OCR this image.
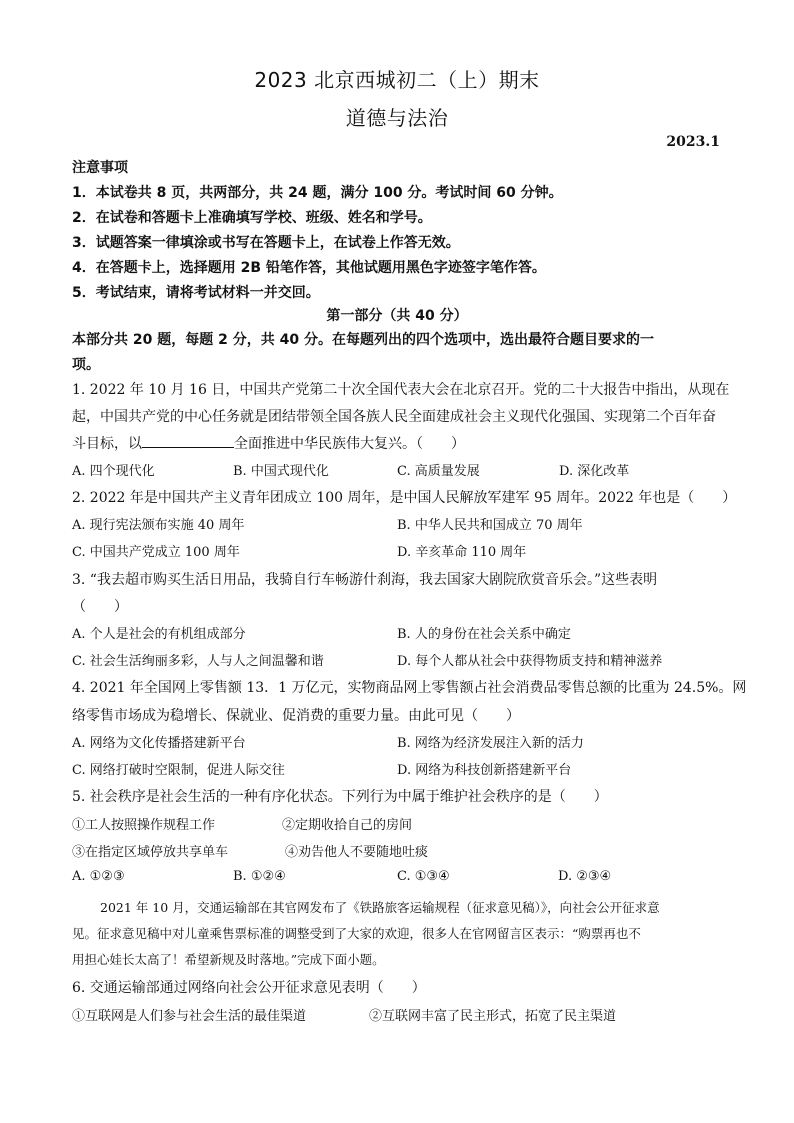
2023 北京西城初二（上）期末
道德与法治
2023.1
注意事项
1．本试卷共 8 页，共两部分，共 24 题，满分 100 分。考试时间 60 分钟。
2．在试卷和答题卡上准确填写学校、班级、姓名和学号。
3．试题答案一律填涂或书写在答题卡上，在试卷上作答无效。
4．在答题卡上，选择题用 2B 铅笔作答，其他试题用黑色字迹签字笔作答。
5．考试结束，请将考试材料一并交回。
第一部分（共 40 分）
本部分共 20 题，每题 2 分，共 40 分。在每题列出的四个选项中，选出最符合题目要求的一
项。
1. 2022 年 10 月 16 日，中国共产党第二十次全国代表大会在北京召开。党的二十大报告中指出，从现在
起，中国共产党的中心任务就是团结带领全国各族人民全面建成社会主义现代化强国、实现第二个百年奋
斗目标，以	全面推进中华民族伟大复兴。（　　）
A. 四个现代化	B. 中国式现代化	C. 高质量发展	D. 深化改革
2. 2022 年是中国共产主义青年团成立 100 周年，是中国人民解放军建军 95 周年。2022 年也是（　　）
A. 现行宪法颁布实施 40 周年	B. 中华人民共和国成立 70 周年
C. 中国共产党成立 100 周年	D. 辛亥革命 110 周年
3. “我去超市购买生活日用品，我骑自行车畅游什刹海，我去国家大剧院欣赏音乐会。”这些表明
（　　）
A. 个人是社会的有机组成部分	B. 人的身份在社会关系中确定
C. 社会生活绚丽多彩，人与人之间温馨和谐	D. 每个人都从社会中获得物质支持和精神滋养
4. 2021 年全国网上零售额 13．1 万亿元，实物商品网上零售额占社会消费品零售总额的比重为 24.5%。网
络零售市场成为稳增长、保就业、促消费的重要力量。由此可见（　　）
A. 网络为文化传播搭建新平台	B. 网络为经济发展注入新的活力
C. 网络打破时空限制，促进人际交往	D. 网络为科技创新搭建新平台
5. 社会秩序是社会生活的一种有序化状态。下列行为中属于维护社会秩序的是（　　）
①工人按照操作规程工作	②定期收拾自己的房间
③在指定区域停放共享单车	④劝告他人不要随地吐痰
A. ①②③	B. ①②④	C. ①③④	D. ②③④
2021 年 10 月，交通运输部在其官网发布了《铁路旅客运输规程（征求意见稿）》，向社会公开征求意
见。征求意见稿中对儿童乘售票标准的调整受到了大家的欢迎，很多人在官网留言区表示：“购票再也不
用担心娃长太高了！希望新规及时落地。”完成下面小题。
6. 交通运输部通过网络向社会公开征求意见表明（　　）
①互联网是人们参与社会生活的最佳渠道	②互联网丰富了民主形式，拓宽了民主渠道
